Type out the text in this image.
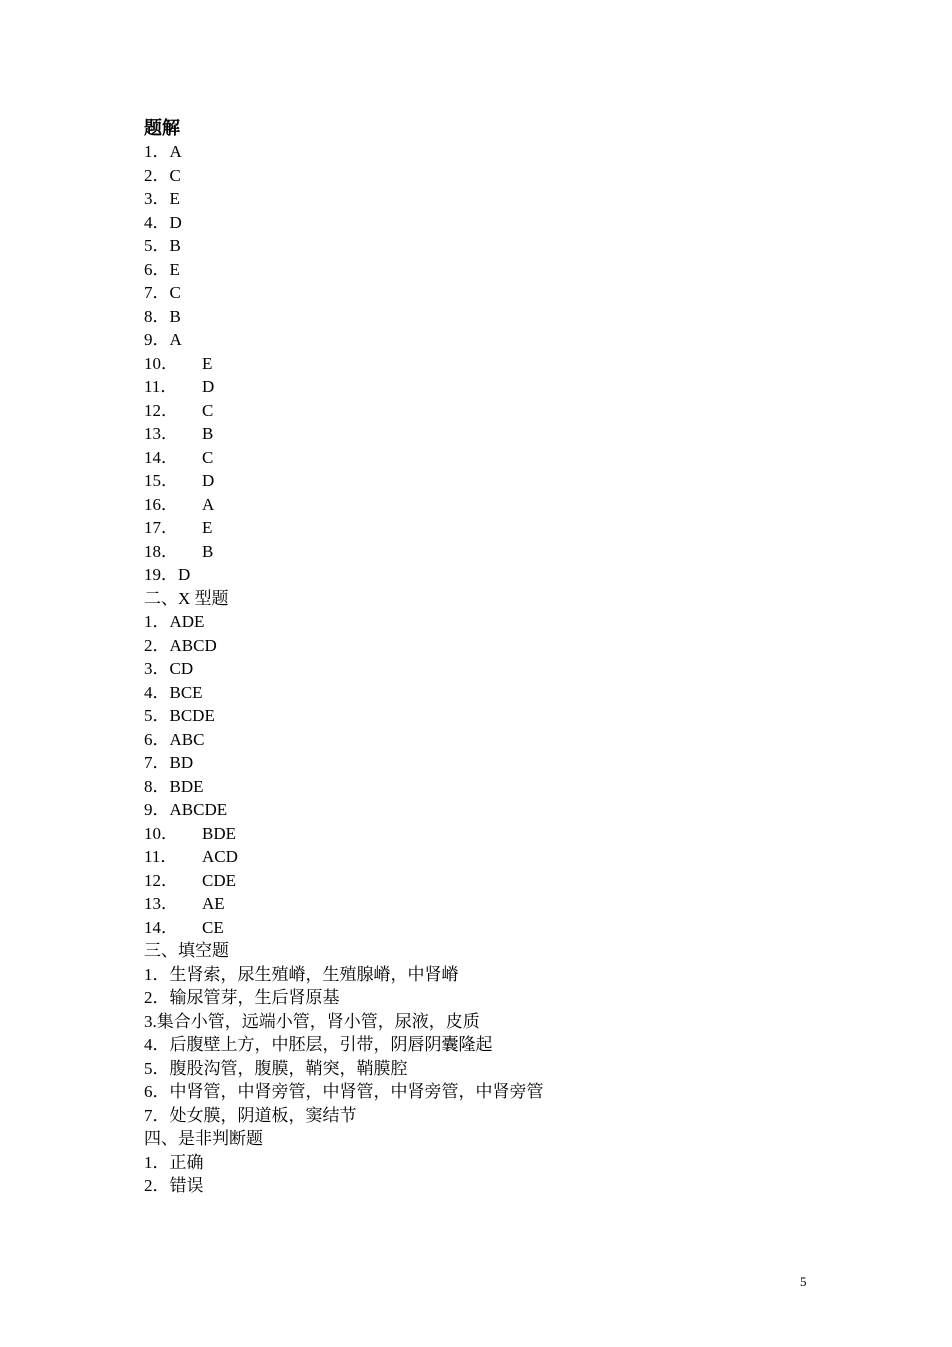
题解
1．A
2．C
3．E
4．D
5．B
6．E
7．C
8．B
9．A
10． E
11． D
12． C
13． B
14． C
15． D
16． A
17． E
18． B
19．D
二、X 型题
1．ADE
2．ABCD
3．CD
4．BCE
5．BCDE
6．ABC
7．BD
8．BDE
9．ABCDE
10． BDE
11． ACD
12． CDE
13． AE
14． CE
三、填空题
1．生肾索，尿生殖嵴，生殖腺嵴，中肾嵴
2．输尿管芽，生后肾原基
3.集合小管，远端小管，肾小管，尿液，皮质
4．后腹壁上方，中胚层，引带，阴唇阴囊隆起
5．腹股沟管，腹膜，鞘突，鞘膜腔
6．中肾管，中肾旁管，中肾管，中肾旁管，中肾旁管
7．处女膜，阴道板，窦结节
四、是非判断题
1．正确
2．错误
5
